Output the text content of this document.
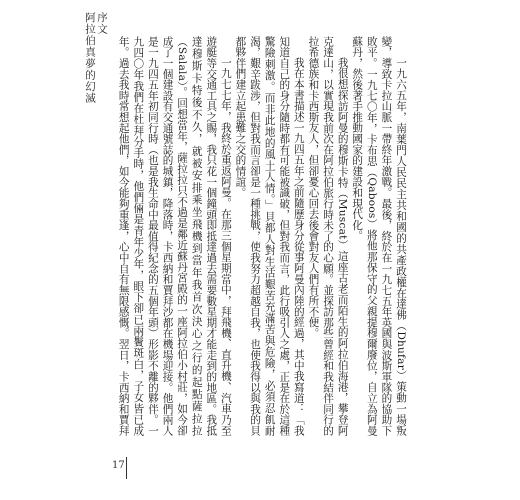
序文
阿拉伯真夢的幻滅	一九六五年，南葉門人民民主共和國的共產政權在達佛（Dhufar）策動一場叛變，導致卡拉山脈一帶終年激戰。最後，終於在一九七五年英國與波斯軍隊的協助下敗平。一九七〇年，卡布思（Qaboos）將他那保守的父親提穆爾廢位，自立為阿曼蘇丹，然後著手推動國家的建設和現代化。

我很想探訪阿曼的穆斯卡特（Muscat）這座古老而陌生的阿拉伯海港，攀登阿克達山，以實現我前次在阿拉伯旅行時未了的心願。並探訪那些曾經和我結伴同行的拉希德族和卡西斯友人，但卻憂心回去後會對友人們有所不便。

我在本書描述一九四五年之前隨歷身分從事阿曼內陸的經過，其中我寫道：「我知道自己的身分隨時都有可能被識破，但對我而言，此行吸引人之處，正是在於這種驚險刺激。而非此地的風土人情。」貝都人對生活艱苦充滿苦與危險，必須忍飢耐渴，艱辛跋涉，但對我而言卻是一種挑戰，使我努力超越自我，也使我得以與我的貝都夥伴們建立起患難之交的情誼。

一九七七年，我終於重返阿曼。在那三個星期當中，拜飛機、直升機、汽車乃至遊艇等交通工具之賜，我只花一個鐘頭即抵達過去需要數星期才能走到的地區。我抵達穆斯卡特後不久，就被安排乘坐飛機到當年我首次決心之行的起點薩拉拉（Salala）。回想當年，薩拉拉只不過是鄰近蘇丹宮殿的一座阿拉伯小村莊，如今卻成了一個建設有交通號誌的城鎮，降落時，卡西納和賈拜沙都在機場迎接。他們兩人是一九四五年初同行時（也是我生命中最值得紀念的五個年頭）形影不離的夥伴。一九四〇年我們在杜拜分手時，他們倆是青年少年，眼下卻已兩鬢斑白，子女皆已成年。過去我時常想起他們，如今能夠重逢，心中自有無限感慨。翌日，卡西納和賈拜

17
